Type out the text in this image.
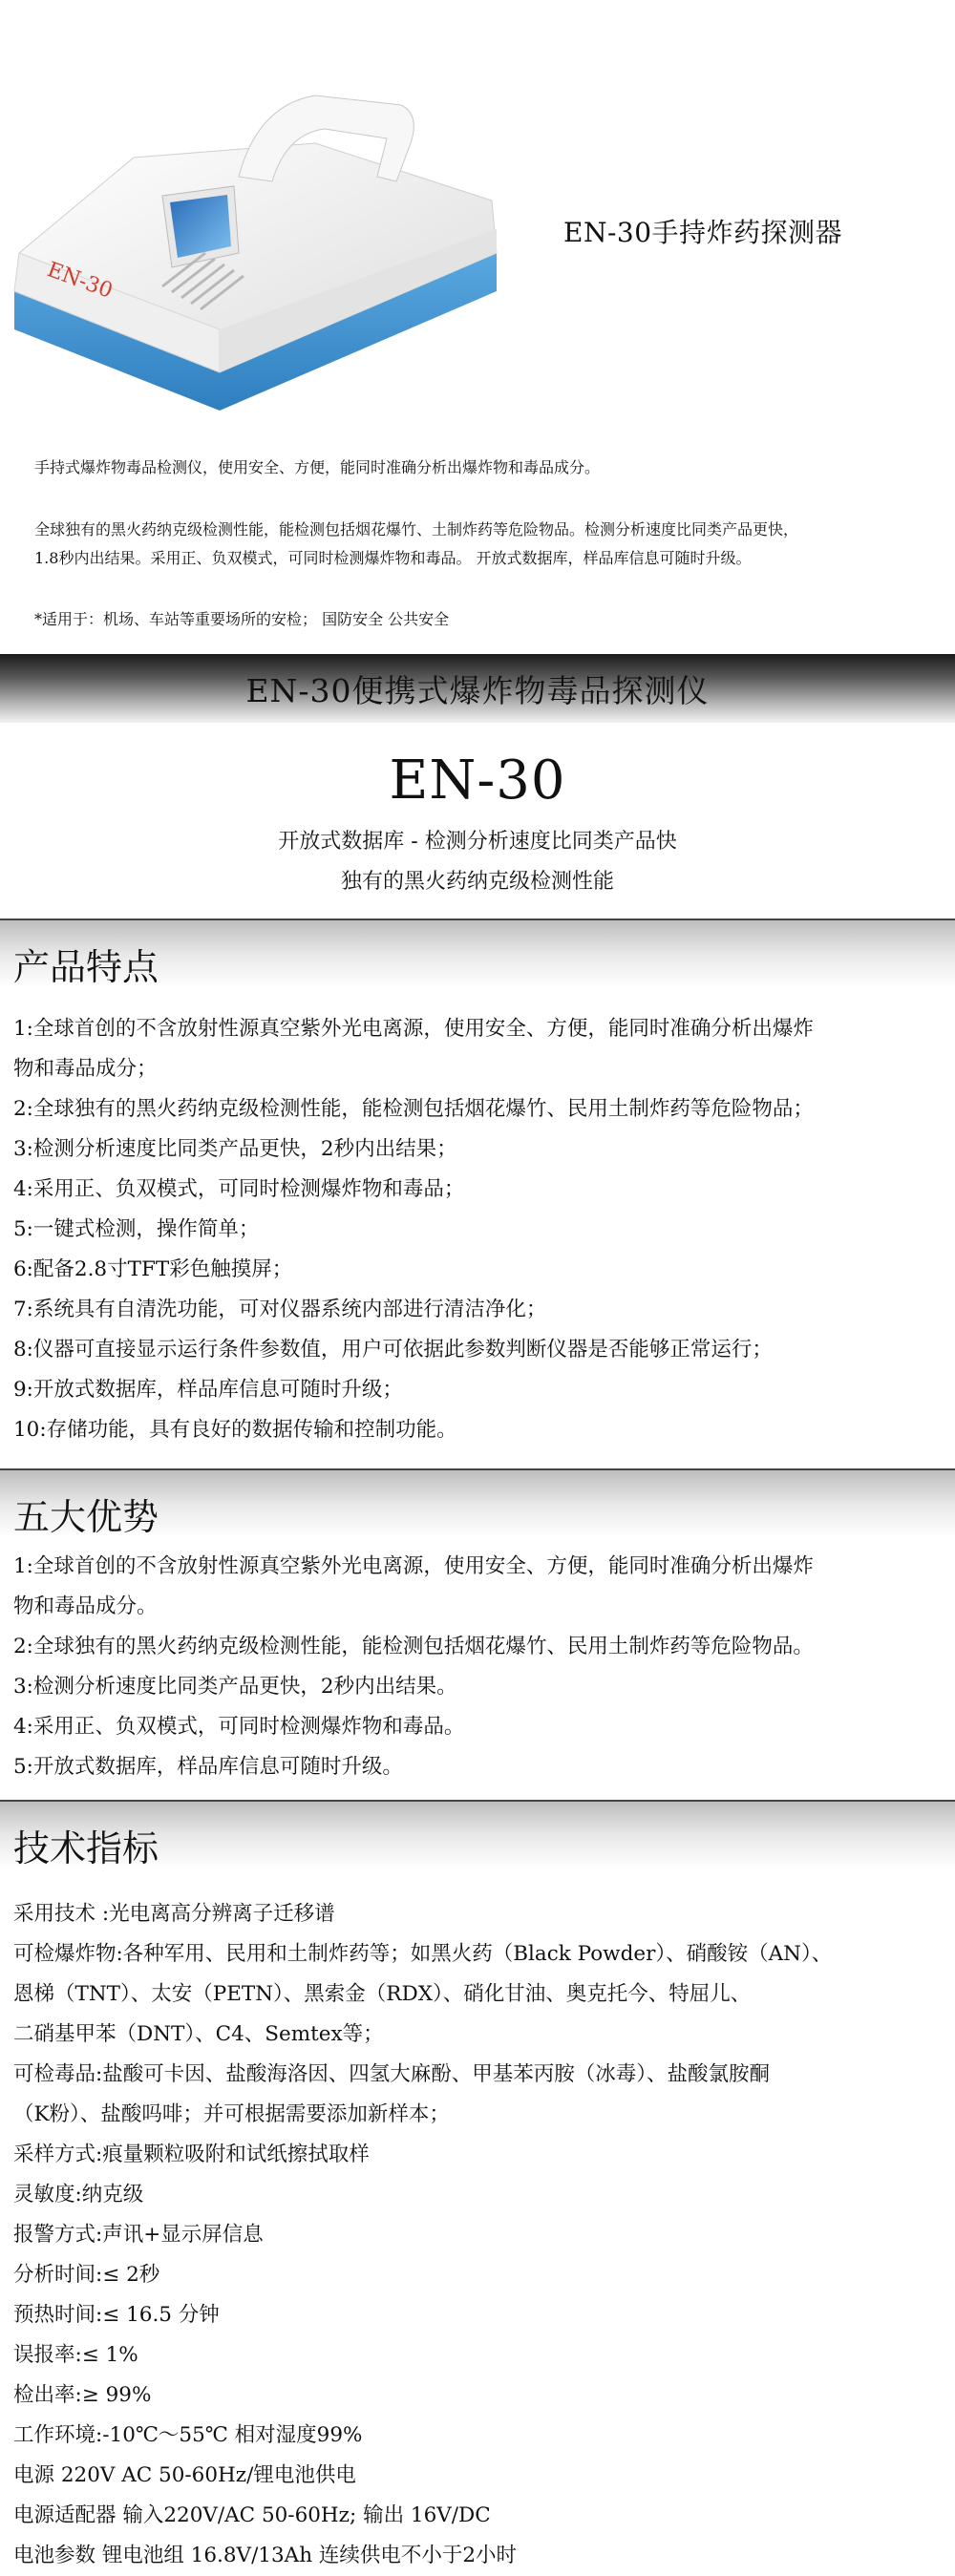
EN-30
EN-30手持炸药探测器
手持式爆炸物毒品检测仪，使用安全、方便，能同时准确分析出爆炸物和毒品成分。
全球独有的黑火药纳克级检测性能，能检测包括烟花爆竹、土制炸药等危险物品。检测分析速度比同类产品更快，
1.8秒内出结果。采用正、负双模式，可同时检测爆炸物和毒品。 开放式数据库，样品库信息可随时升级。
*适用于：机场、车站等重要场所的安检； 国防安全 公共安全
EN-30便携式爆炸物毒品探测仪
EN-30
开放式数据库 - 检测分析速度比同类产品快
独有的黑火药纳克级检测性能
产品特点
1:全球首创的不含放射性源真空紫外光电离源，使用安全、方便，能同时准确分析出爆炸
物和毒品成分；
2:全球独有的黑火药纳克级检测性能，能检测包括烟花爆竹、民用土制炸药等危险物品；
3:检测分析速度比同类产品更快，2秒内出结果；
4:采用正、负双模式，可同时检测爆炸物和毒品；
5:一键式检测，操作简单；
6:配备2.8寸TFT彩色触摸屏；
7:系统具有自清洗功能，可对仪器系统内部进行清洁净化；
8:仪器可直接显示运行条件参数值，用户可依据此参数判断仪器是否能够正常运行；
9:开放式数据库，样品库信息可随时升级；
10:存储功能，具有良好的数据传输和控制功能。
五大优势
1:全球首创的不含放射性源真空紫外光电离源，使用安全、方便，能同时准确分析出爆炸
物和毒品成分。
2:全球独有的黑火药纳克级检测性能，能检测包括烟花爆竹、民用土制炸药等危险物品。
3:检测分析速度比同类产品更快，2秒内出结果。
4:采用正、负双模式，可同时检测爆炸物和毒品。
5:开放式数据库，样品库信息可随时升级。
技术指标
采用技术 :光电离高分辨离子迁移谱
可检爆炸物:各种军用、民用和土制炸药等；如黑火药（Black Powder）、硝酸铵（AN）、
恩梯（TNT）、太安（PETN）、黑索金（RDX）、硝化甘油、奥克托今、特屈儿、
二硝基甲苯（DNT）、C4、Semtex等；
可检毒品:盐酸可卡因、盐酸海洛因、四氢大麻酚、甲基苯丙胺（冰毒）、盐酸氯胺酮
（K粉）、盐酸吗啡；并可根据需要添加新样本；
采样方式:痕量颗粒吸附和试纸擦拭取样
灵敏度:纳克级
报警方式:声讯+显示屏信息
分析时间:≤ 2秒
预热时间:≤ 16.5 分钟
误报率:≤ 1%
检出率:≥ 99%
工作环境:-10℃～55℃ 相对湿度99%
电源 220V AC 50-60Hz/锂电池供电
电源适配器 输入220V/AC 50-60Hz; 输出 16V/DC
电池参数 锂电池组 16.8V/13Ah 连续供电不小于2小时
